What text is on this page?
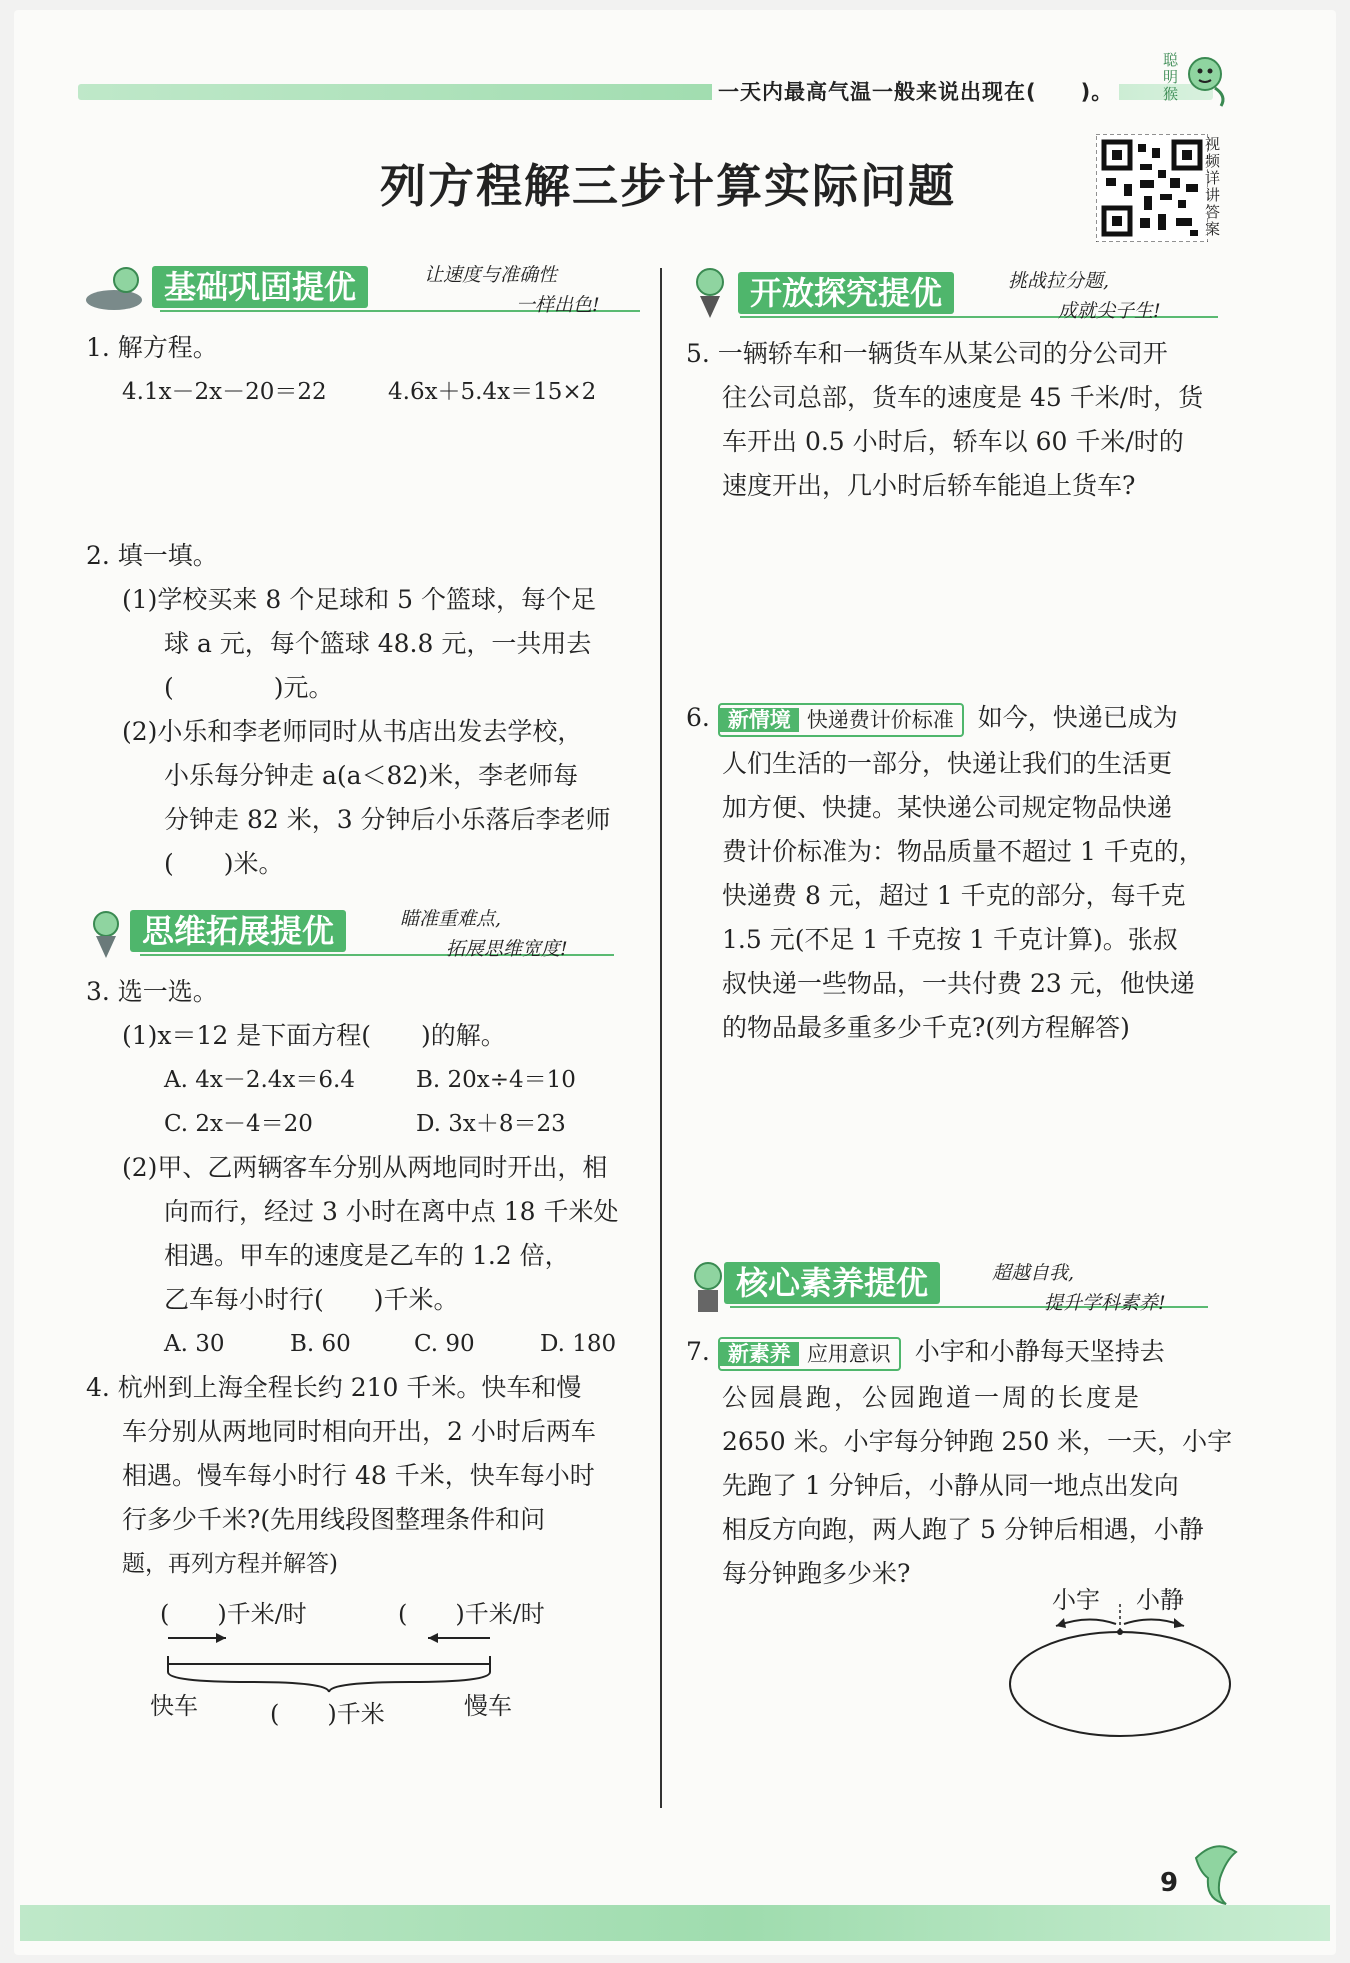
一天内最高气温一般来说出现在(　　)。
聪明猴
列方程解三步计算实际问题
视频详讲答案
基础巩固提优	让速度与准确性
一样出色!
1. 解方程。
4.1x－2x－20＝22	4.6x＋5.4x＝15×2
2. 填一填。
(1)学校买来 8 个足球和 5 个篮球，每个足
球 a 元，每个篮球 48.8 元，一共用去
(　　　　)元。
(2)小乐和李老师同时从书店出发去学校，
小乐每分钟走 a(a＜82)米，李老师每
分钟走 82 米，3 分钟后小乐落后李老师
(　　)米。
思维拓展提优	瞄准重难点,
拓展思维宽度!
3. 选一选。
(1)x＝12 是下面方程(　　)的解。
A. 4x－2.4x＝6.4	B. 20x÷4＝10
C. 2x－4＝20	D. 3x＋8＝23
(2)甲、乙两辆客车分别从两地同时开出，相
向而行，经过 3 小时在离中点 18 千米处
相遇。甲车的速度是乙车的 1.2 倍，
乙车每小时行(　　)千米。
A. 30	B. 60	C. 90	D. 180
4. 杭州到上海全程长约 210 千米。快车和慢
车分别从两地同时相向开出，2 小时后两车
相遇。慢车每小时行 48 千米，快车每小时
行多少千米?(先用线段图整理条件和问
题，再列方程并解答)
(　　)千米/时	(　　)千米/时
快车	(　　)千米	慢车
开放探究提优	挑战拉分题,
成就尖子生!
5. 一辆轿车和一辆货车从某公司的分公司开
往公司总部，货车的速度是 45 千米/时，货
车开出 0.5 小时后，轿车以 60 千米/时的
速度开出，几小时后轿车能追上货车?
6. 新情境 快递费计价标准 如今，快递已成为
人们生活的一部分，快递让我们的生活更
加方便、快捷。某快递公司规定物品快递
费计价标准为：物品质量不超过 1 千克的，
快递费 8 元，超过 1 千克的部分，每千克
1.5 元(不足 1 千克按 1 千克计算)。张叔
叔快递一些物品，一共付费 23 元，他快递
的物品最多重多少千克?(列方程解答)
核心素养提优	超越自我,
提升学科素养!
7. 新素养 应用意识 小宇和小静每天坚持去
公园晨跑，公园跑道一周的长度是
2650 米。小宇每分钟跑 250 米，一天，小宇
先跑了 1 分钟后，小静从同一地点出发向
相反方向跑，两人跑了 5 分钟后相遇，小静
每分钟跑多少米?
小宇 小静
9
